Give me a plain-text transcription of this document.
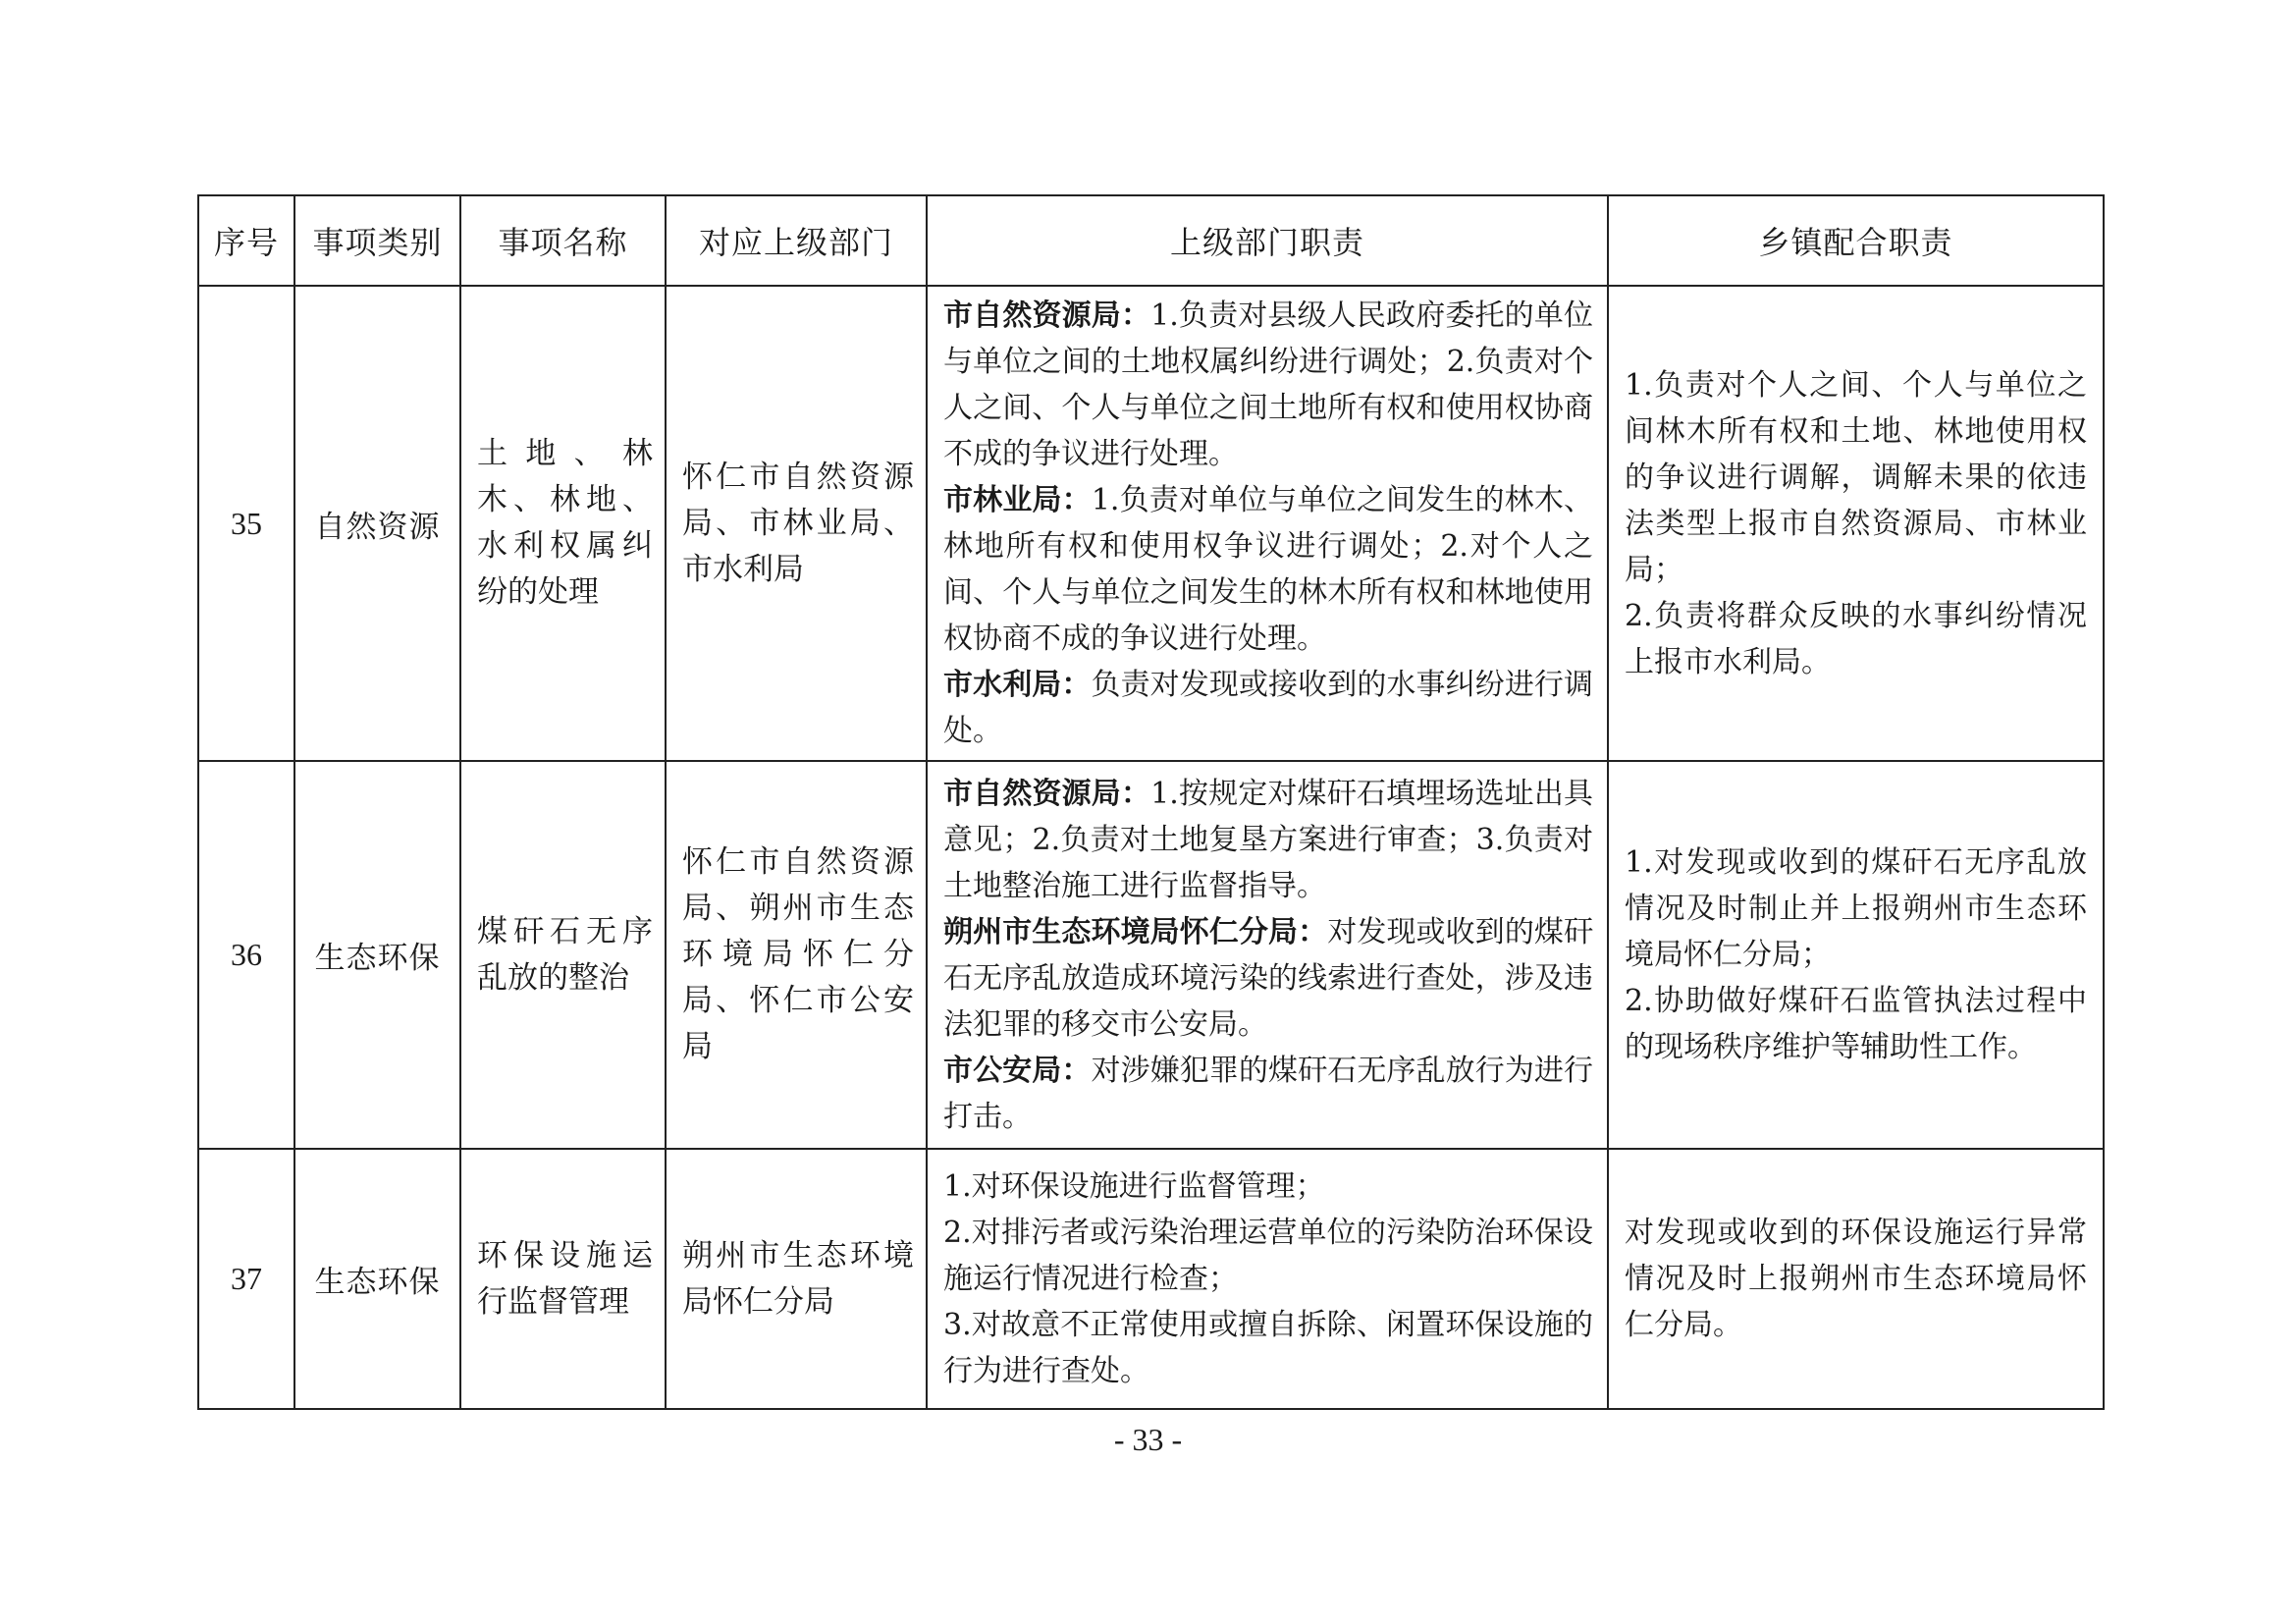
序号	事项类别	事项名称	对应上级部门	上级部门职责	乡镇配合职责
35	自然资源	土地、林木、林地、水利权属纠纷的处理	怀仁市自然资源局、市林业局、市水利局	市自然资源局：1.负责对县级人民政府委托的单位与单位之间的土地权属纠纷进行调处；2.负责对个人之间、个人与单位之间土地所有权和使用权协商不成的争议进行处理。
市林业局：1.负责对单位与单位之间发生的林木、林地所有权和使用权争议进行调处；2.对个人之间、个人与单位之间发生的林木所有权和林地使用权协商不成的争议进行处理。
市水利局：负责对发现或接收到的水事纠纷进行调处。	1.负责对个人之间、个人与单位之间林木所有权和土地、林地使用权的争议进行调解，调解未果的依违法类型上报市自然资源局、市林业局；
2.负责将群众反映的水事纠纷情况上报市水利局。

36	生态环保	煤矸石无序乱放的整治	怀仁市自然资源局、朔州市生态环境局怀仁分局、怀仁市公安局	市自然资源局：1.按规定对煤矸石填埋场选址出具意见；2.负责对土地复垦方案进行审查；3.负责对土地整治施工进行监督指导。
朔州市生态环境局怀仁分局：对发现或收到的煤矸石无序乱放造成环境污染的线索进行查处，涉及违法犯罪的移交市公安局。
市公安局：对涉嫌犯罪的煤矸石无序乱放行为进行打击。	1.对发现或收到的煤矸石无序乱放情况及时制止并上报朔州市生态环境局怀仁分局；
2.协助做好煤矸石监管执法过程中的现场秩序维护等辅助性工作。

37	生态环保	环保设施运行监督管理	朔州市生态环境局怀仁分局	1.对环保设施进行监督管理；
2.对排污者或污染治理运营单位的污染防治环保设施运行情况进行检查；
3.对故意不正常使用或擅自拆除、闲置环保设施的行为进行查处。	对发现或收到的环保设施运行异常情况及时上报朔州市生态环境局怀仁分局。
- 33 -
